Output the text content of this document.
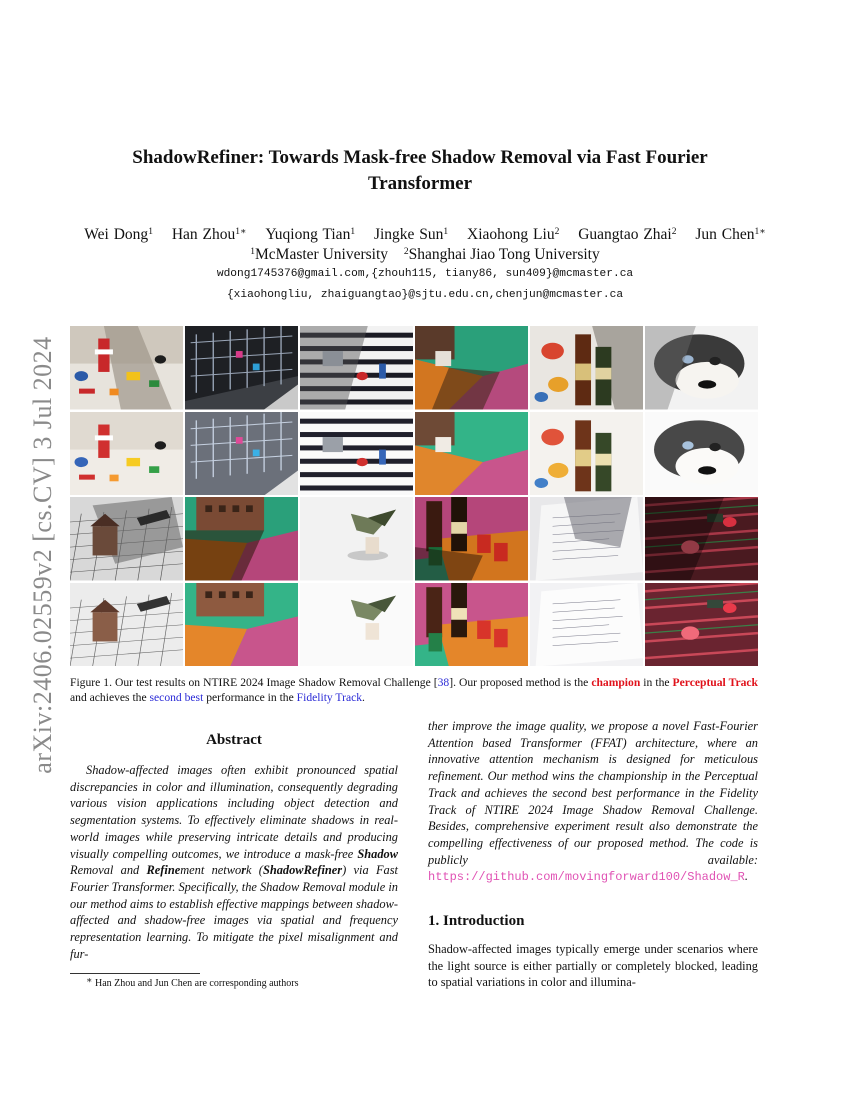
arXiv:2406.02559v2 [cs.CV] 3 Jul 2024
ShadowRefiner: Towards Mask-free Shadow Removal via Fast Fourier
Transformer
Wei Dong$^1$ Han Zhou$^{1∗}$ Yuqiong Tian$^1$ Jingke Sun$^1$ Xiaohong Liu$^2$ Guangtao Zhai$^2$ Jun Chen$^{1∗}$
$^1$McMaster University $^2$Shanghai Jiao Tong University
wdong1745376@gmail.com,{zhouh115, tiany86, sun409}@mcmaster.ca
{xiaohongliu, zhaiguangtao}@sjtu.edu.cn,chenjun@mcmaster.ca
Figure 1. Our test results on NTIRE 2024 Image Shadow Removal Challenge [38]. Our proposed method is the champion in the Perceptual Track and achieves the second best performance in the Fidelity Track.
Abstract

Shadow-affected images often exhibit pronounced spatial discrepancies in color and illumination, consequently degrading various vision applications including object detection and segmentation systems. To effectively eliminate shadows in real-world images while preserving intricate details and producing visually compelling outcomes, we introduce a mask-free Shadow Removal and Refinement network (ShadowRefiner) via Fast Fourier Transformer. Specifically, the Shadow Removal module in our method aims to establish effective mappings between shadow-affected and shadow-free images via spatial and frequency representation learning. To mitigate the pixel misalignment and fur-

ther improve the image quality, we propose a novel Fast-Fourier Attention based Transformer (FFAT) architecture, where an innovative attention mechanism is designed for meticulous refinement. Our method wins the championship in the Perceptual Track and achieves the second best performance in the Fidelity Track of NTIRE 2024 Image Shadow Removal Challenge. Besides, comprehensive experiment result also demonstrate the compelling effectiveness of our proposed method. The code is publicly available: https://github.com/movingforward100/Shadow_R.

1. Introduction

Shadow-affected images typically emerge under scenarios where the light source is either partially or completely blocked, leading to spatial variations in color and illumina-

∗ Han Zhou and Jun Chen are corresponding authors
